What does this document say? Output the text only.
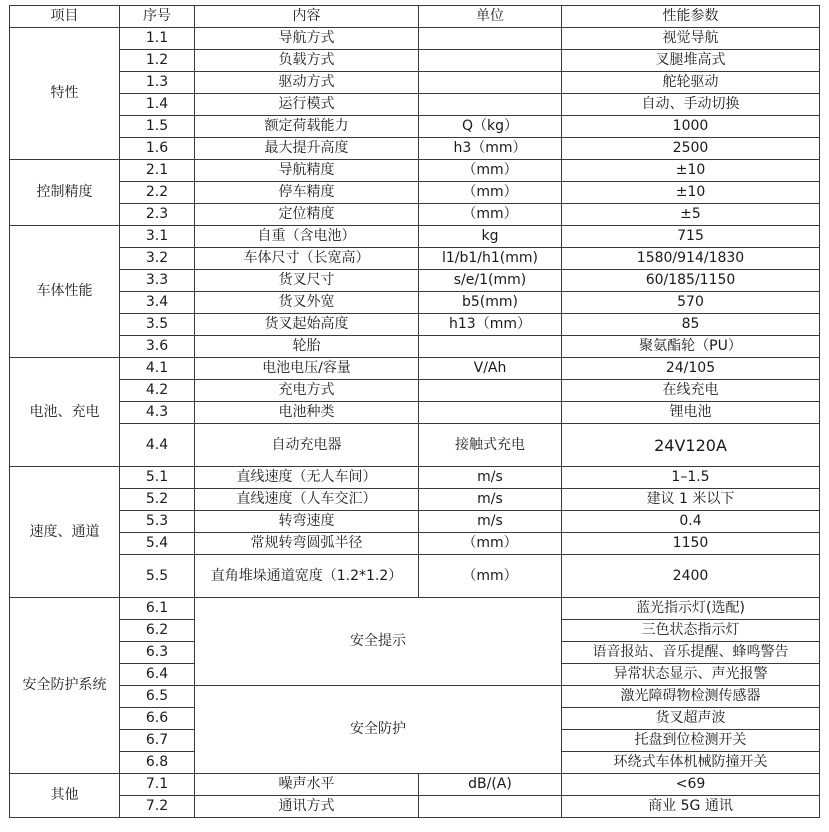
项目	序号	内容	单位	性能参数
特性	1.1	导航方式		视觉导航
	1.2	负载方式		叉腿堆高式
	1.3	驱动方式		舵轮驱动
	1.4	运行模式		自动、手动切换
	1.5	额定荷载能力	Q（kg）	1000
	1.6	最大提升高度	h3（mm）	2500
控制精度	2.1	导航精度	（mm）	±10
	2.2	停车精度	（mm）	±10
	2.3	定位精度	（mm）	±5
车体性能	3.1	自重（含电池）	kg	715
	3.2	车体尺寸（长宽高）	l1/b1/h1(mm)	1580/914/1830
	3.3	货叉尺寸	s/e/1(mm)	60/185/1150
	3.4	货叉外宽	b5(mm)	570
	3.5	货叉起始高度	h13（mm）	85
	3.6	轮胎		聚氨酯轮（PU）
电池、充电	4.1	电池电压/容量	V/Ah	24/105
	4.2	充电方式		在线充电
	4.3	电池种类		锂电池
	4.4	自动充电器	接触式充电	24V120A
速度、通道	5.1	直线速度（无人车间）	m/s	1–1.5
	5.2	直线速度（人车交汇）	m/s	建议 1 米以下
	5.3	转弯速度	m/s	0.4
	5.4	常规转弯圆弧半径	（mm）	1150
	5.5	直角堆垛通道宽度（1.2*1.2）	（mm）	2400
安全防护系统	6.1	安全提示		蓝光指示灯(选配)
	6.2			三色状态指示灯
	6.3			语音报站、音乐提醒、蜂鸣警告
	6.4			异常状态显示、声光报警
	6.5	安全防护		激光障碍物检测传感器
	6.6			货叉超声波
	6.7			托盘到位检测开关
	6.8			环绕式车体机械防撞开关
其他	7.1	噪声水平	dB/(A)	<69
	7.2	通讯方式		商业 5G 通讯
